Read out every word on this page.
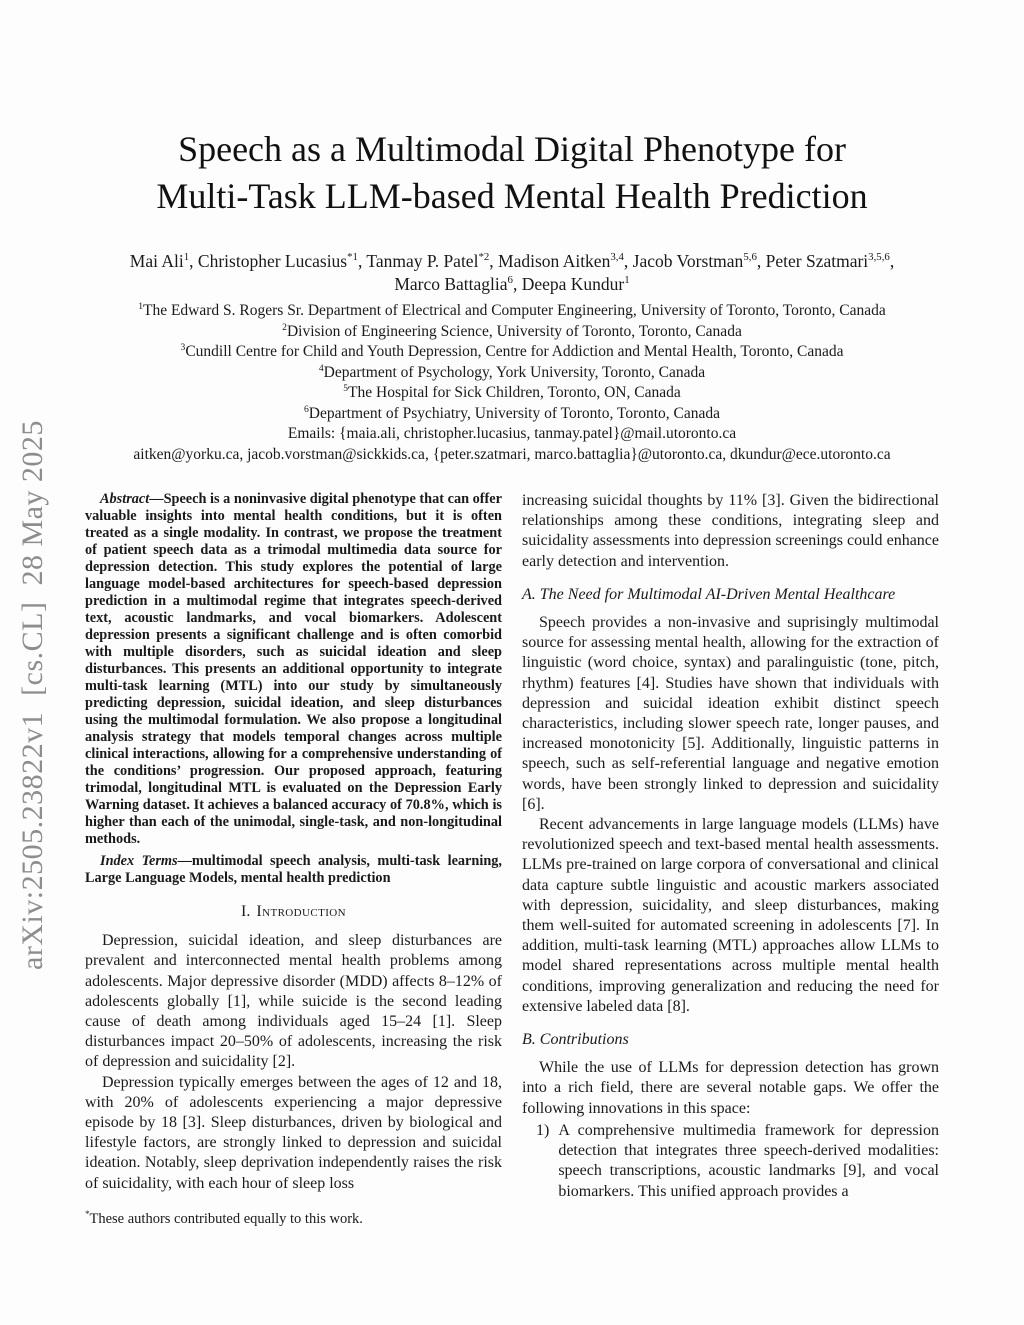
arXiv:2505.23822v1  [cs.CL]  28 May 2025
Speech as a Multimodal Digital Phenotype for
Multi-Task LLM-based Mental Health Prediction
Mai Ali$^1$, Christopher Lucasius$^{*1}$, Tanmay P. Patel$^{*2}$, Madison Aitken$^{3,4}$, Jacob Vorstman$^{5,6}$, Peter Szatmari$^{3,5,6}$,
Marco Battaglia$^6$, Deepa Kundur$^1$
$^1$The Edward S. Rogers Sr. Department of Electrical and Computer Engineering, University of Toronto, Toronto, Canada
$^2$Division of Engineering Science, University of Toronto, Toronto, Canada
$^3$Cundill Centre for Child and Youth Depression, Centre for Addiction and Mental Health, Toronto, Canada
$^4$Department of Psychology, York University, Toronto, Canada
$^5$The Hospital for Sick Children, Toronto, ON, Canada
$^6$Department of Psychiatry, University of Toronto, Toronto, Canada
Emails: {maia.ali, christopher.lucasius, tanmay.patel}@mail.utoronto.ca
aitken@yorku.ca, jacob.vorstman@sickkids.ca, {peter.szatmari, marco.battaglia}@utoronto.ca, dkundur@ece.utoronto.ca

Abstract—Speech is a noninvasive digital phenotype that can offer valuable insights into mental health conditions, but it is often treated as a single modality. In contrast, we propose the treatment of patient speech data as a trimodal multimedia data source for depression detection. This study explores the potential of large language model-based architectures for speech-based depression prediction in a multimodal regime that integrates speech-derived text, acoustic landmarks, and vocal biomarkers. Adolescent depression presents a significant challenge and is often comorbid with multiple disorders, such as suicidal ideation and sleep disturbances. This presents an additional opportunity to integrate multi-task learning (MTL) into our study by simultaneously predicting depression, suicidal ideation, and sleep disturbances using the multimodal formulation. We also propose a longitudinal analysis strategy that models temporal changes across multiple clinical interactions, allowing for a comprehensive understanding of the conditions’ progression. Our proposed approach, featuring trimodal, longitudinal MTL is evaluated on the Depression Early Warning dataset. It achieves a balanced accuracy of 70.8%, which is higher than each of the unimodal, single-task, and non-longitudinal methods.

Index Terms—multimodal speech analysis, multi-task learning, Large Language Models, mental health prediction

I. Introduction

Depression, suicidal ideation, and sleep disturbances are prevalent and interconnected mental health problems among adolescents. Major depressive disorder (MDD) affects 8–12% of adolescents globally [1], while suicide is the second leading cause of death among individuals aged 15–24 [1]. Sleep disturbances impact 20–50% of adolescents, increasing the risk of depression and suicidality [2].

Depression typically emerges between the ages of 12 and 18, with 20% of adolescents experiencing a major depressive episode by 18 [3]. Sleep disturbances, driven by biological and lifestyle factors, are strongly linked to depression and suicidal ideation. Notably, sleep deprivation independently raises the risk of suicidality, with each hour of sleep loss

*These authors contributed equally to this work.

increasing suicidal thoughts by 11% [3]. Given the bidirectional relationships among these conditions, integrating sleep and suicidality assessments into depression screenings could enhance early detection and intervention.

A. The Need for Multimodal AI-Driven Mental Healthcare

Speech provides a non-invasive and suprisingly multimodal source for assessing mental health, allowing for the extraction of linguistic (word choice, syntax) and paralinguistic (tone, pitch, rhythm) features [4]. Studies have shown that individuals with depression and suicidal ideation exhibit distinct speech characteristics, including slower speech rate, longer pauses, and increased monotonicity [5]. Additionally, linguistic patterns in speech, such as self-referential language and negative emotion words, have been strongly linked to depression and suicidality [6].

Recent advancements in large language models (LLMs) have revolutionized speech and text-based mental health assessments. LLMs pre-trained on large corpora of conversational and clinical data capture subtle linguistic and acoustic markers associated with depression, suicidality, and sleep disturbances, making them well-suited for automated screening in adolescents [7]. In addition, multi-task learning (MTL) approaches allow LLMs to model shared representations across multiple mental health conditions, improving generalization and reducing the need for extensive labeled data [8].

B. Contributions

While the use of LLMs for depression detection has grown into a rich field, there are several notable gaps. We offer the following innovations in this space:

1) A comprehensive multimedia framework for depression detection that integrates three speech-derived modalities: speech transcriptions, acoustic landmarks [9], and vocal biomarkers. This unified approach provides a
